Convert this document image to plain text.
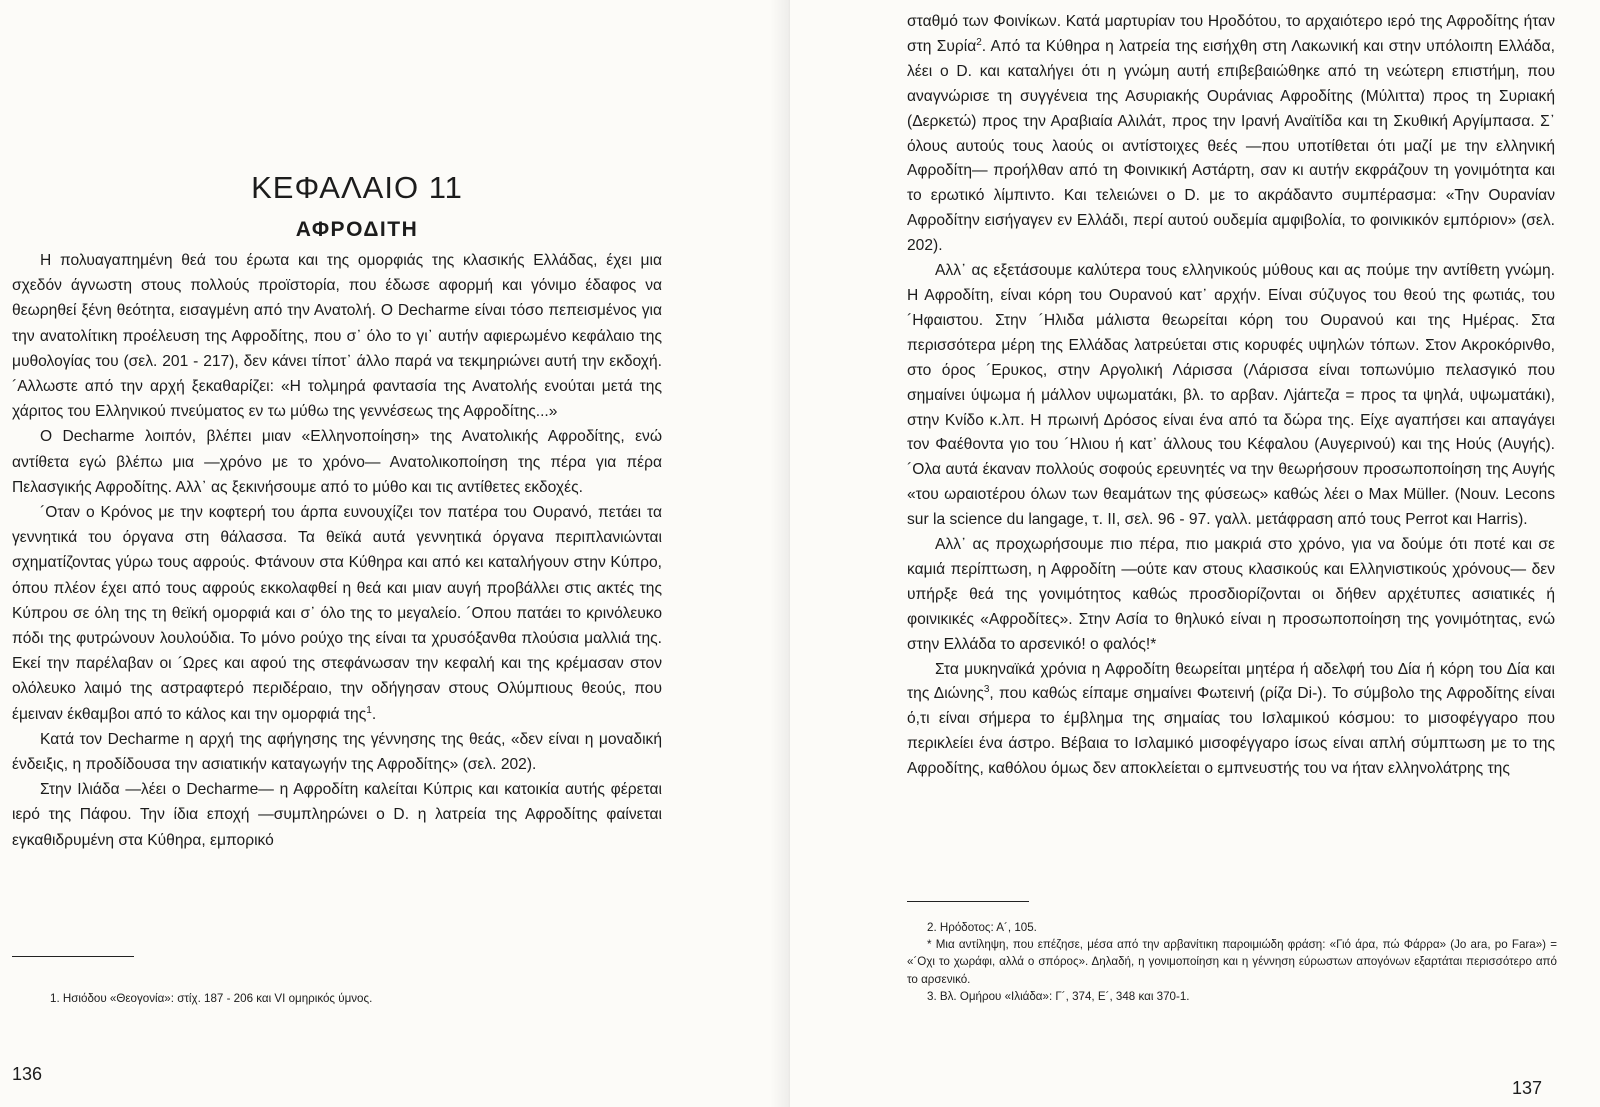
ΚΕΦΑΛΑΙΟ 11
ΑΦΡΟΔΙΤΗ

Η πολυαγαπημένη θεά του έρωτα και της ομορφιάς της κλασικής Ελλάδας, έχει μια σχεδόν άγνωστη στους πολλούς προϊστορία, που έδωσε αφορμή και γόνιμο έδαφος να θεωρηθεί ξένη θεότητα, εισαγμένη από την Ανατολή. Ο Decharme είναι τόσο πεπεισμένος για την ανατολίτικη προέλευση της Αφροδίτης, που σ᾽ όλο το γι᾽ αυτήν αφιερωμένο κεφάλαιο της μυθολογίας του (σελ. 201 - 217), δεν κάνει τίποτ᾽ άλλο παρά να τεκμηριώνει αυτή την εκδοχή. ´Αλλωστε από την αρχή ξεκαθαρίζει: «Η τολμηρά φαντασία της Ανατολής ενούται μετά της χάριτος του Ελληνικού πνεύματος εν τω μύθω της γεννέσεως της Αφροδίτης...»

Ο Decharme λοιπόν, βλέπει μιαν «Ελληνοποίηση» της Ανατολικής Αφροδίτης, ενώ αντίθετα εγώ βλέπω μια —χρόνο με το χρόνο— Ανατολικοποίηση της πέρα για πέρα Πελασγικής Αφροδίτης. Αλλ᾽ ας ξεκινήσουμε από το μύθο και τις αντίθετες εκδοχές.

´Οταν ο Κρόνος με την κοφτερή του άρπα ευνουχίζει τον πατέρα του Ουρανό, πετάει τα γεννητικά του όργανα στη θάλασσα. Τα θεϊκά αυτά γεννητικά όργανα περιπλανιώνται σχηματίζοντας γύρω τους αφρούς. Φτάνουν στα Κύθηρα και από κει καταλήγουν στην Κύπρο, όπου πλέον έχει από τους αφρούς εκκολαφθεί η θεά και μιαν αυγή προβάλλει στις ακτές της Κύπρου σε όλη της τη θεϊκή ομορφιά και σ᾽ όλο της το μεγαλείο. ´Οπου πατάει το κρινόλευκο πόδι της φυτρώνουν λουλούδια. Το μόνο ρούχο της είναι τα χρυσόξανθα πλούσια μαλλιά της. Εκεί την παρέλαβαν οι ´Ωρες και αφού της στεφάνωσαν την κεφαλή και της κρέμασαν στον ολόλευκο λαιμό της αστραφτερό περιδέραιο, την οδήγησαν στους Ολύμπιους θεούς, που έμειναν έκθαμβοι από το κάλος και την ομορφιά της$^1$.

Κατά τον Decharme η αρχή της αφήγησης της γέννησης της θεάς, «δεν είναι η μοναδική ένδειξις, η προδίδουσα την ασιατικήν καταγωγήν της Αφροδίτης» (σελ. 202).

Στην Ιλιάδα —λέει ο Decharme— η Αφροδίτη καλείται Κύπρις και κατοικία αυτής φέρεται ιερό της Πάφου. Την ίδια εποχή —συμπληρώνει ο D. η λατρεία της Αφροδίτης φαίνεται εγκαθιδρυμένη στα Κύθηρα, εμπορικό

1. Ησιόδου «Θεογονία»: στίχ. 187 - 206 και VI ομηρικός ύμνος.

136

σταθμό των Φοινίκων. Κατά μαρτυρίαν του Ηροδότου, το αρχαιότερο ιερό της Αφροδίτης ήταν στη Συρία$^2$. Από τα Κύθηρα η λατρεία της εισήχθη στη Λακωνική και στην υπόλοιπη Ελλάδα, λέει ο D. και καταλήγει ότι η γνώμη αυτή επιβεβαιώθηκε από τη νεώτερη επιστήμη, που αναγνώρισε τη συγγένεια της Ασυριακής Ουράνιας Αφροδίτης (Μύλιττα) προς τη Συριακή (Δερκετώ) προς την Αραβιαία Αλιλάτ, προς την Ιρανή Αναϊτίδα και τη Σκυθική Αργίμπασα. Σ᾽ όλους αυτούς τους λαούς οι αντίστοιχες θεές —που υποτίθεται ότι μαζί με την ελληνική Αφροδίτη— προήλθαν από τη Φοινικική Αστάρτη, σαν κι αυτήν εκφράζουν τη γονιμότητα και το ερωτικό λίμπιντο. Και τελειώνει ο D. με το ακράδαντο συμπέρασμα: «Την Ουρανίαν Αφροδίτην εισήγαγεν εν Ελλάδι, περί αυτού ουδεμία αμφιβολία, το φοινικικόν εμπόριον» (σελ. 202).

Αλλ᾽ ας εξετάσουμε καλύτερα τους ελληνικούς μύθους και ας πούμε την αντίθετη γνώμη. Η Αφροδίτη, είναι κόρη του Ουρανού κατ᾽ αρχήν. Είναι σύζυγος του θεού της φωτιάς, του ´Ηφαιστου. Στην ´Ηλιδα μάλιστα θεωρείται κόρη του Ουρανού και της Ημέρας. Στα περισσότερα μέρη της Ελλάδας λατρεύεται στις κορυφές υψηλών τόπων. Στον Ακροκόρινθο, στο όρος ´Ερυκος, στην Αργολική Λάρισσα (Λάρισσα είναι τοπωνύμιο πελασγικό που σημαίνει ύψωμα ή μάλλον υψωματάκι, βλ. το αρβαν. Λjάrτεζα = προς τα ψηλά, υψωματάκι), στην Κνίδο κ.λπ. Η πρωινή Δρόσος είναι ένα από τα δώρα της. Είχε αγαπήσει και απαγάγει τον Φαέθοντα γιο του ´Ηλιου ή κατ᾽ άλλους του Κέφαλου (Αυγερινού) και της Ηούς (Αυγής). ´Ολα αυτά έκαναν πολλούς σοφούς ερευνητές να την θεωρήσουν προσωποποίηση της Αυγής «του ωραιοτέρου όλων των θεαμάτων της φύσεως» καθώς λέει ο Max Müller. (Nouv. Lecons sur la science du langage, τ. ΙΙ, σελ. 96 - 97. γαλλ. μετάφραση από τους Perrot και Harris).

Αλλ᾽ ας προχωρήσουμε πιο πέρα, πιο μακριά στο χρόνο, για να δούμε ότι ποτέ και σε καμιά περίπτωση, η Αφροδίτη —ούτε καν στους κλασικούς και Ελληνιστικούς χρόνους— δεν υπήρξε θεά της γονιμότητος καθώς προσδιορίζονται οι δήθεν αρχέτυπες ασιατικές ή φοινικικές «Αφροδίτες». Στην Ασία το θηλυκό είναι η προσωποποίηση της γονιμότητας, ενώ στην Ελλάδα το αρσενικό! ο φαλός!*

Στα μυκηναϊκά χρόνια η Αφροδίτη θεωρείται μητέρα ή αδελφή του Δία ή κόρη του Δία και της Διώνης$^3$, που καθώς είπαμε σημαίνει Φωτεινή (ρίζα Di-). Το σύμβολο της Αφροδίτης είναι ό,τι είναι σήμερα το έμβλημα της σημαίας του Ισλαμικού κόσμου: το μισοφέγγαρο που περικλείει ένα άστρο. Βέβαια το Ισλαμικό μισοφέγγαρο ίσως είναι απλή σύμπτωση με το της Αφροδίτης, καθόλου όμως δεν αποκλείεται ο εμπνευστής του να ήταν ελληνολάτρης της

2. Ηρόδοτος: Α´, 105.

* Μια αντίληψη, που επέζησε, μέσα από την αρβανίτικη παροιμιώδη φράση: «Γιό άρα, πώ Φάρρα» (Jo ara, po Fara») = «´Οχι το χωράφι, αλλά ο σπόρος». Δηλαδή, η γονιμοποίηση και η γέννηση εύρωστων απογόνων εξαρτάται περισσότερο από το αρσενικό.

3. Βλ. Ομήρου «Ιλιάδα»: Γ´, 374, Ε´, 348 και 370-1.

137
